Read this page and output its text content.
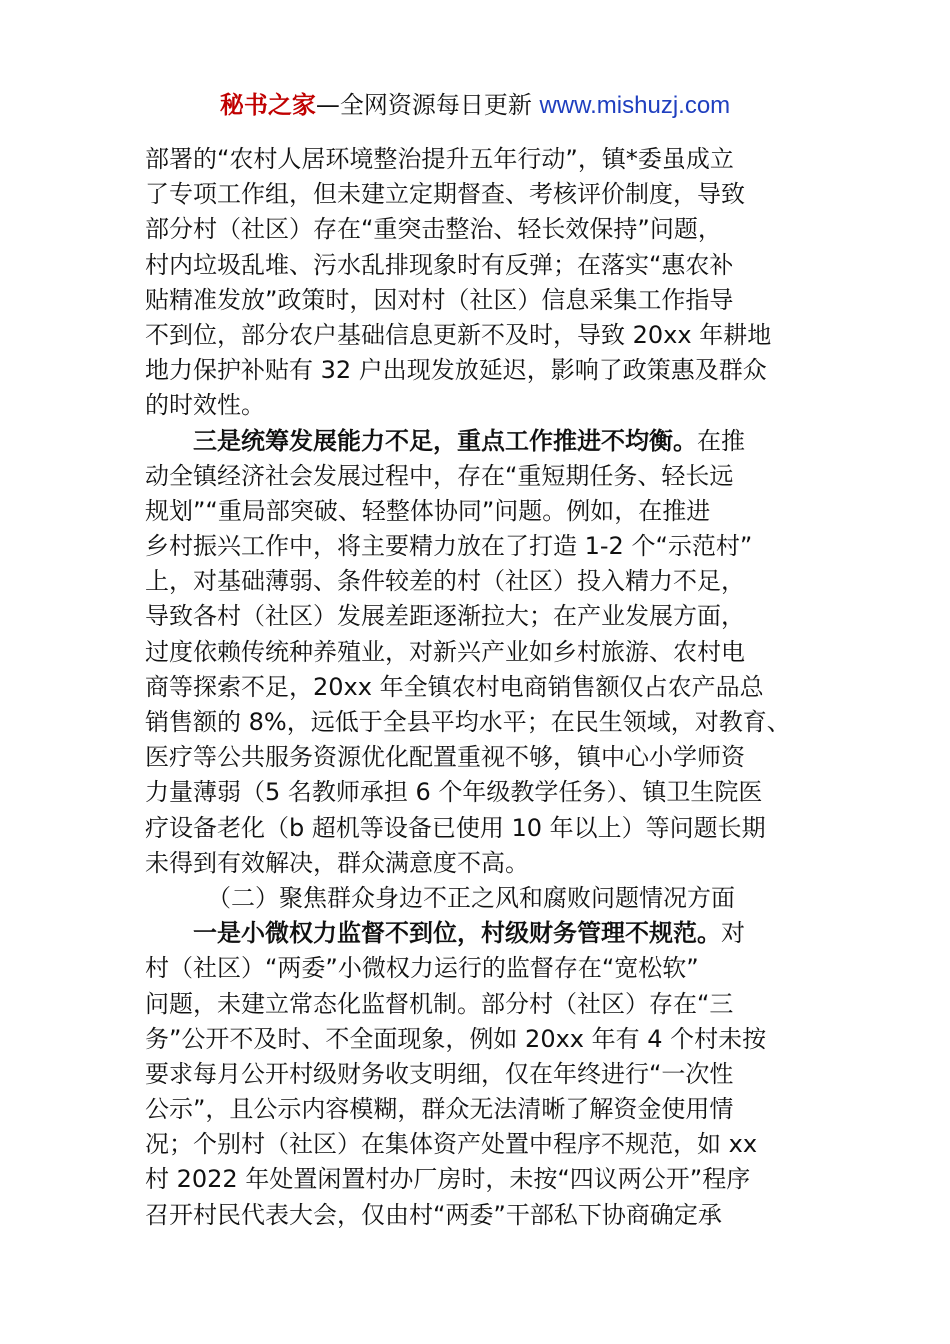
秘书之家—全网资源每日更新 www.mishuzj.com
部署的“农村人居环境整治提升五年行动”，镇*委虽成立
了专项工作组，但未建立定期督查、考核评价制度，导致
部分村（社区）存在“重突击整治、轻长效保持”问题，
村内垃圾乱堆、污水乱排现象时有反弹；在落实“惠农补
贴精准发放”政策时，因对村（社区）信息采集工作指导
不到位，部分农户基础信息更新不及时，导致 20xx 年耕地
地力保护补贴有 32 户出现发放延迟，影响了政策惠及群众
的时效性。
三是统筹发展能力不足，重点工作推进不均衡。在推
动全镇经济社会发展过程中，存在“重短期任务、轻长远
规划”“重局部突破、轻整体协同”问题。例如，在推进
乡村振兴工作中，将主要精力放在了打造 1-2 个“示范村”
上，对基础薄弱、条件较差的村（社区）投入精力不足，
导致各村（社区）发展差距逐渐拉大；在产业发展方面，
过度依赖传统种养殖业，对新兴产业如乡村旅游、农村电
商等探索不足，20xx 年全镇农村电商销售额仅占农产品总
销售额的 8%，远低于全县平均水平；在民生领域，对教育、
医疗等公共服务资源优化配置重视不够，镇中心小学师资
力量薄弱（5 名教师承担 6 个年级教学任务）、镇卫生院医
疗设备老化（b 超机等设备已使用 10 年以上）等问题长期
未得到有效解决，群众满意度不高。
（二）聚焦群众身边不正之风和腐败问题情况方面
一是小微权力监督不到位，村级财务管理不规范。对
村（社区）“两委”小微权力运行的监督存在“宽松软”
问题，未建立常态化监督机制。部分村（社区）存在“三
务”公开不及时、不全面现象，例如 20xx 年有 4 个村未按
要求每月公开村级财务收支明细，仅在年终进行“一次性
公示”，且公示内容模糊，群众无法清晰了解资金使用情
况；个别村（社区）在集体资产处置中程序不规范，如 xx
村 2022 年处置闲置村办厂房时，未按“四议两公开”程序
召开村民代表大会，仅由村“两委”干部私下协商确定承
